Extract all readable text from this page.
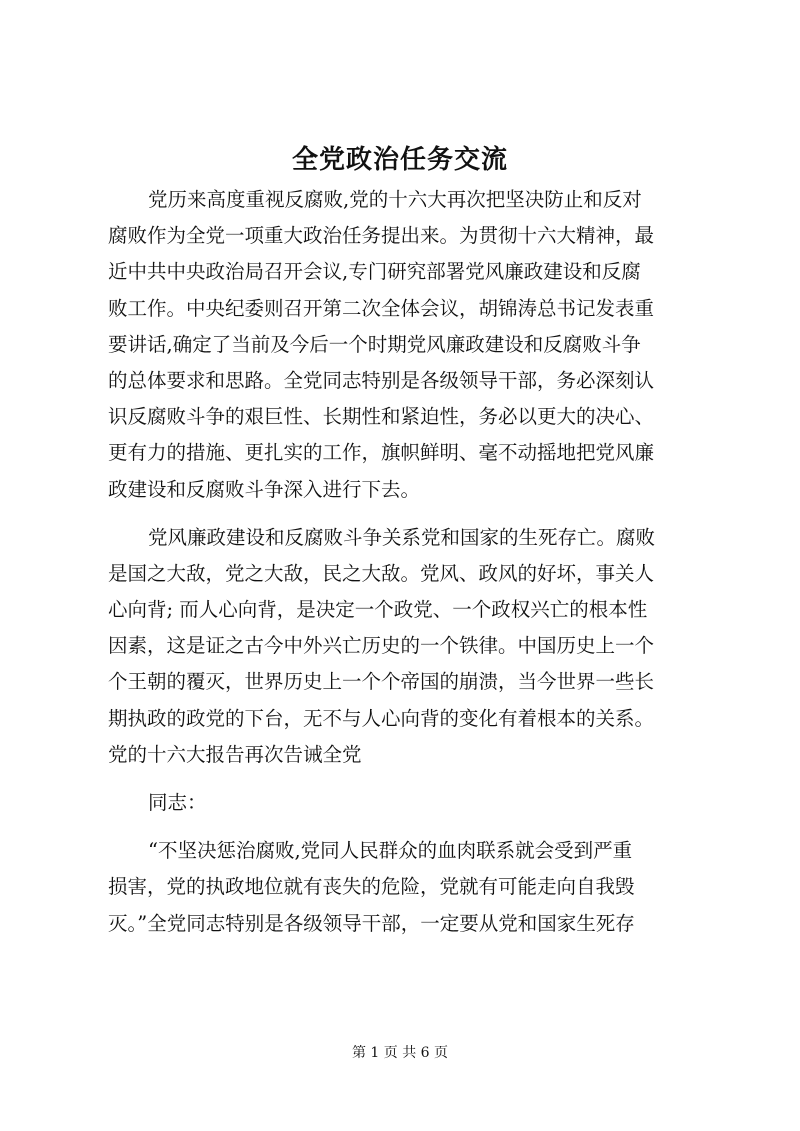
全党政治任务交流
党历来高度重视反腐败,党的十六大再次把坚决防止和反对
腐败作为全党一项重大政治任务提出来。为贯彻十六大精神，最
近中共中央政治局召开会议,专门研究部署党风廉政建设和反腐
败工作。中央纪委则召开第二次全体会议，胡锦涛总书记发表重
要讲话,确定了当前及今后一个时期党风廉政建设和反腐败斗争
的总体要求和思路。全党同志特别是各级领导干部，务必深刻认
识反腐败斗争的艰巨性、长期性和紧迫性，务必以更大的决心、
更有力的措施、更扎实的工作，旗帜鲜明、毫不动摇地把党风廉
政建设和反腐败斗争深入进行下去。
党风廉政建设和反腐败斗争关系党和国家的生死存亡。腐败
是国之大敌，党之大敌，民之大敌。党风、政风的好坏，事关人
心向背; 而人心向背，是决定一个政党、一个政权兴亡的根本性
因素，这是证之古今中外兴亡历史的一个铁律。中国历史上一个
个王朝的覆灭，世界历史上一个个帝国的崩溃，当今世界一些长
期执政的政党的下台，无不与人心向背的变化有着根本的关系。
党的十六大报告再次告诫全党
同志：
“不坚决惩治腐败,党同人民群众的血肉联系就会受到严重
损害，党的执政地位就有丧失的危险，党就有可能走向自我毁
灭。”全党同志特别是各级领导干部，一定要从党和国家生死存
第 1 页 共 6 页
